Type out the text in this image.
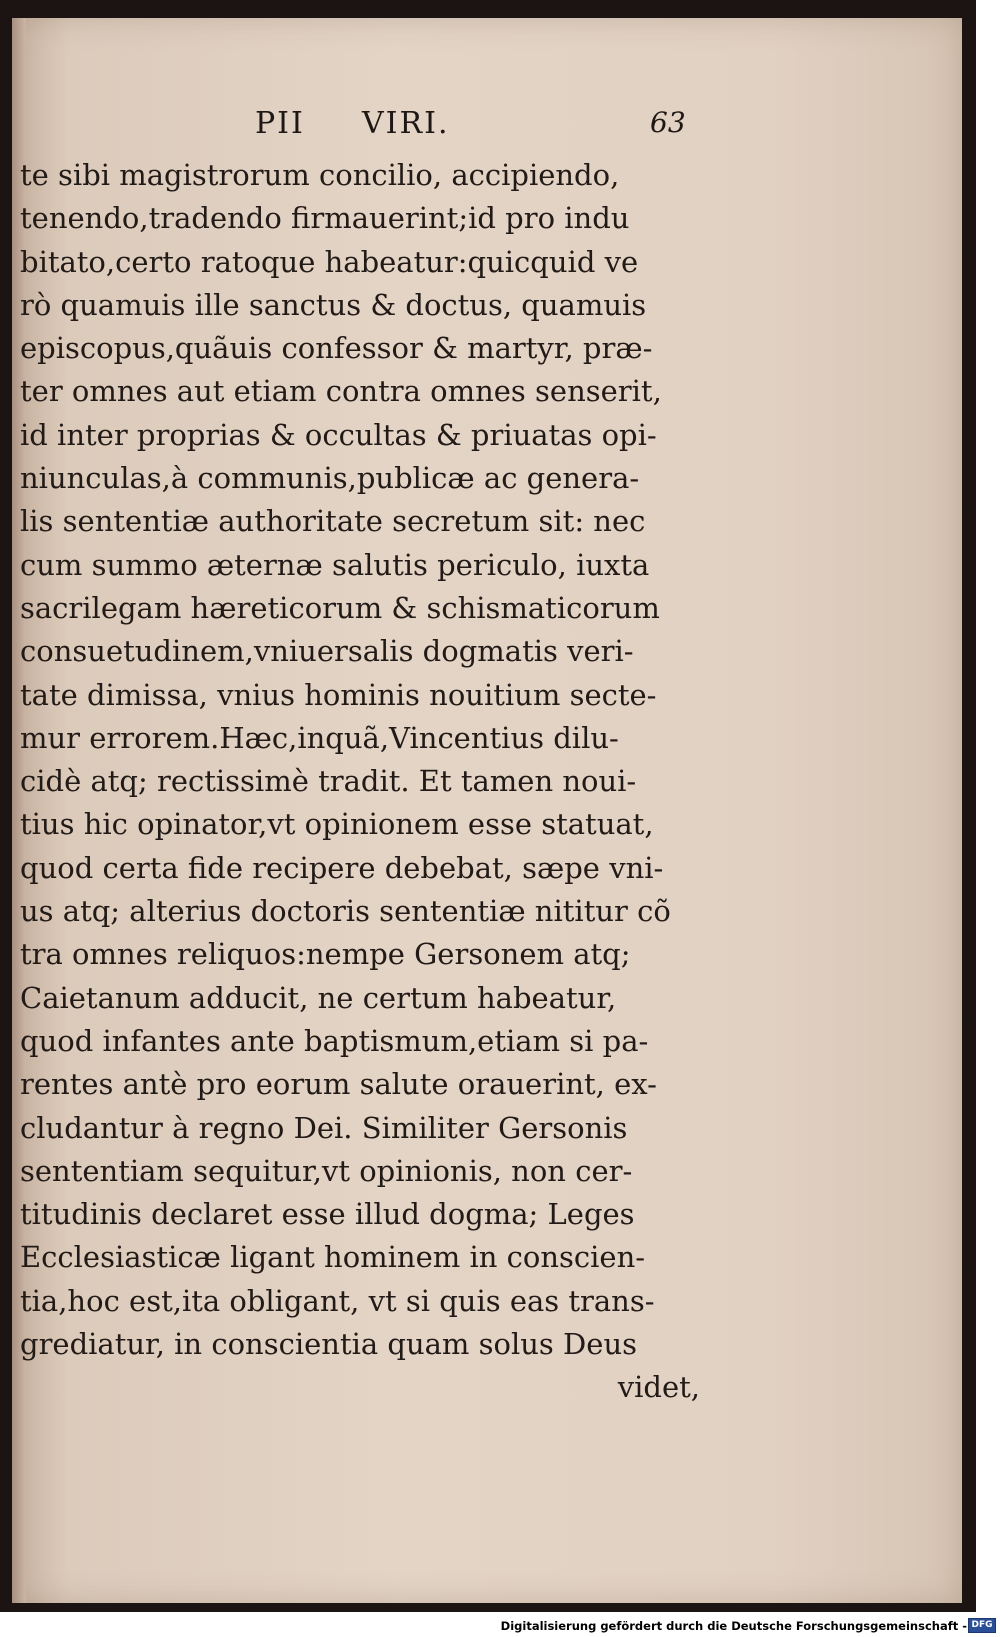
PII VIRI.	63
te sibi magistrorum concilio, accipiendo,
tenendo,tradendo firmauerint;id pro indu
bitato,certo ratoque habeatur:quicquid ve
rò quamuis ille sanctus & doctus, quamuis
episcopus,quãuis confessor & martyr, præ-
ter omnes aut etiam contra omnes senserit,
id inter proprias & occultas & priuatas opi-
niunculas,à communis,publicæ ac genera-
lis sententiæ authoritate secretum sit: nec
cum summo æternæ salutis periculo, iuxta
sacrilegam hæreticorum & schismaticorum
consuetudinem,vniuersalis dogmatis veri-
tate dimissa, vnius hominis nouitium secte-
mur errorem.Hæc,inquã,Vincentius dilu-
cidè atq; rectissimè tradit. Et tamen noui-
tius hic opinator,vt opinionem esse statuat,
quod certa fide recipere debebat, sæpe vni-
us atq; alterius doctoris sententiæ nititur cõ
tra omnes reliquos:nempe Gersonem atq;
Caietanum adducit, ne certum habeatur,
quod infantes ante baptismum,etiam si pa-
rentes antè pro eorum salute orauerint, ex-
cludantur à regno Dei. Similiter Gersonis
sententiam sequitur,vt opinionis, non cer-
titudinis declaret esse illud dogma; Leges
Ecclesiasticæ ligant hominem in conscien-
tia,hoc est,ita obligant, vt si quis eas trans-
grediatur, in conscientia quam solus Deus
videt,
Digitalisierung gefördert durch die Deutsche Forschungsgemeinschaft - DFG
